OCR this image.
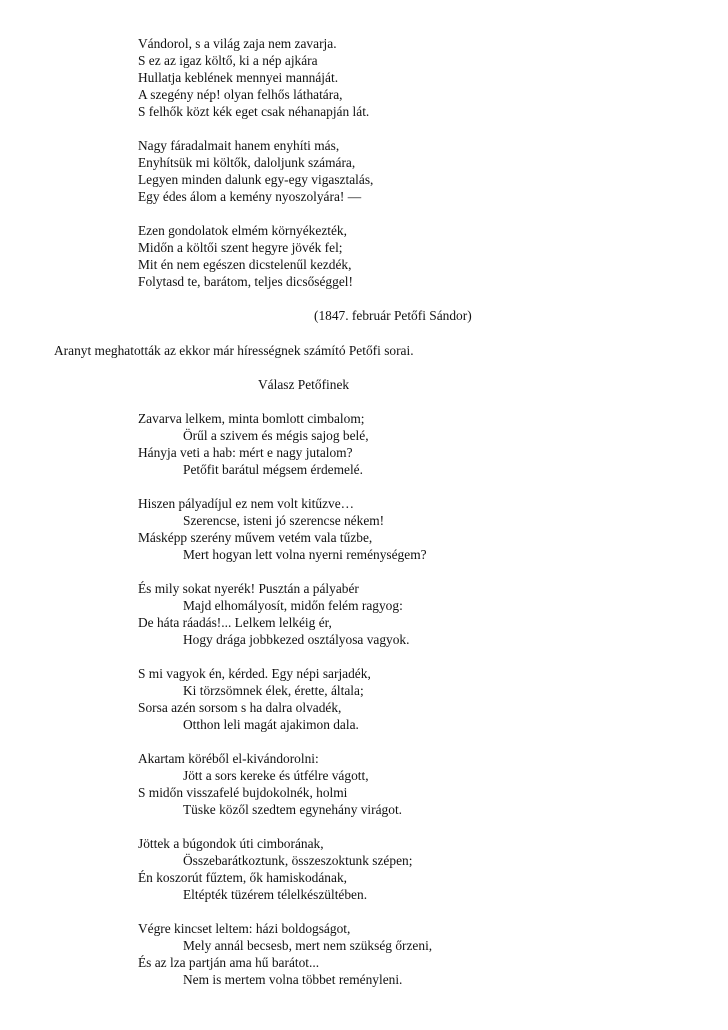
Vándorol, s a világ zaja nem zavarja.
S ez az igaz költő, ki a nép ajkára
Hullatja keblének mennyei mannáját.
A szegény nép! olyan felhős láthatára,
S felhők közt kék eget csak néhanapján lát.
Nagy fáradalmait hanem enyhíti más,
Enyhítsük mi költők, daloljunk számára,
Legyen minden dalunk egy-egy vigasztalás,
Egy édes álom a kemény nyoszolyára! —
Ezen gondolatok elmém környékezték,
Midőn a költői szent hegyre jövék fel;
Mit én nem egészen dicstelenűl kezdék,
Folytasd te, barátom, teljes dicsőséggel!
(1847. február Petőfi Sándor)
Aranyt meghatották az ekkor már hírességnek számító Petőfi sorai.
Válasz Petőfinek
Zavarva lelkem, minta bomlott cimbalom;
Örűl a szivem és mégis sajog belé,
Hányja veti a hab: mért e nagy jutalom?
Petőfit barátul mégsem érdemelé.
Hiszen pályadíjul ez nem volt kitűzve…
Szerencse, isteni jó szerencse nékem!
Másképp szerény művem vetém vala tűzbe,
Mert hogyan lett volna nyerni reménységem?
És mily sokat nyerék! Pusztán a pályabér
Majd elhomályosít, midőn felém ragyog:
De háta ráadás!... Lelkem lelkéig ér,
Hogy drága jobbkezed osztályosa vagyok.
S mi vagyok én, kérded. Egy népi sarjadék,
Ki törzsömnek élek, érette, általa;
Sorsa azén sorsom s ha dalra olvadék,
Otthon leli magát ajakimon dala.
Akartam köréből el-kivándorolni:
Jött a sors kereke és útfélre vágott,
S midőn visszafelé bujdokolnék, holmi
Tüske közől szedtem egynehány virágot.
Jöttek a búgondok úti cimborának,
Összebarátkoztunk, összeszoktunk szépen;
Én koszorút fűztem, ők hamiskodának,
Eltépték tüzérem télelkészültében.
Végre kincset leltem: házi boldogságot,
Mely annál becsesb, mert nem szükség őrzeni,
És az lza partján ama hű barátot...
Nem is mertem volna többet reményleni.
